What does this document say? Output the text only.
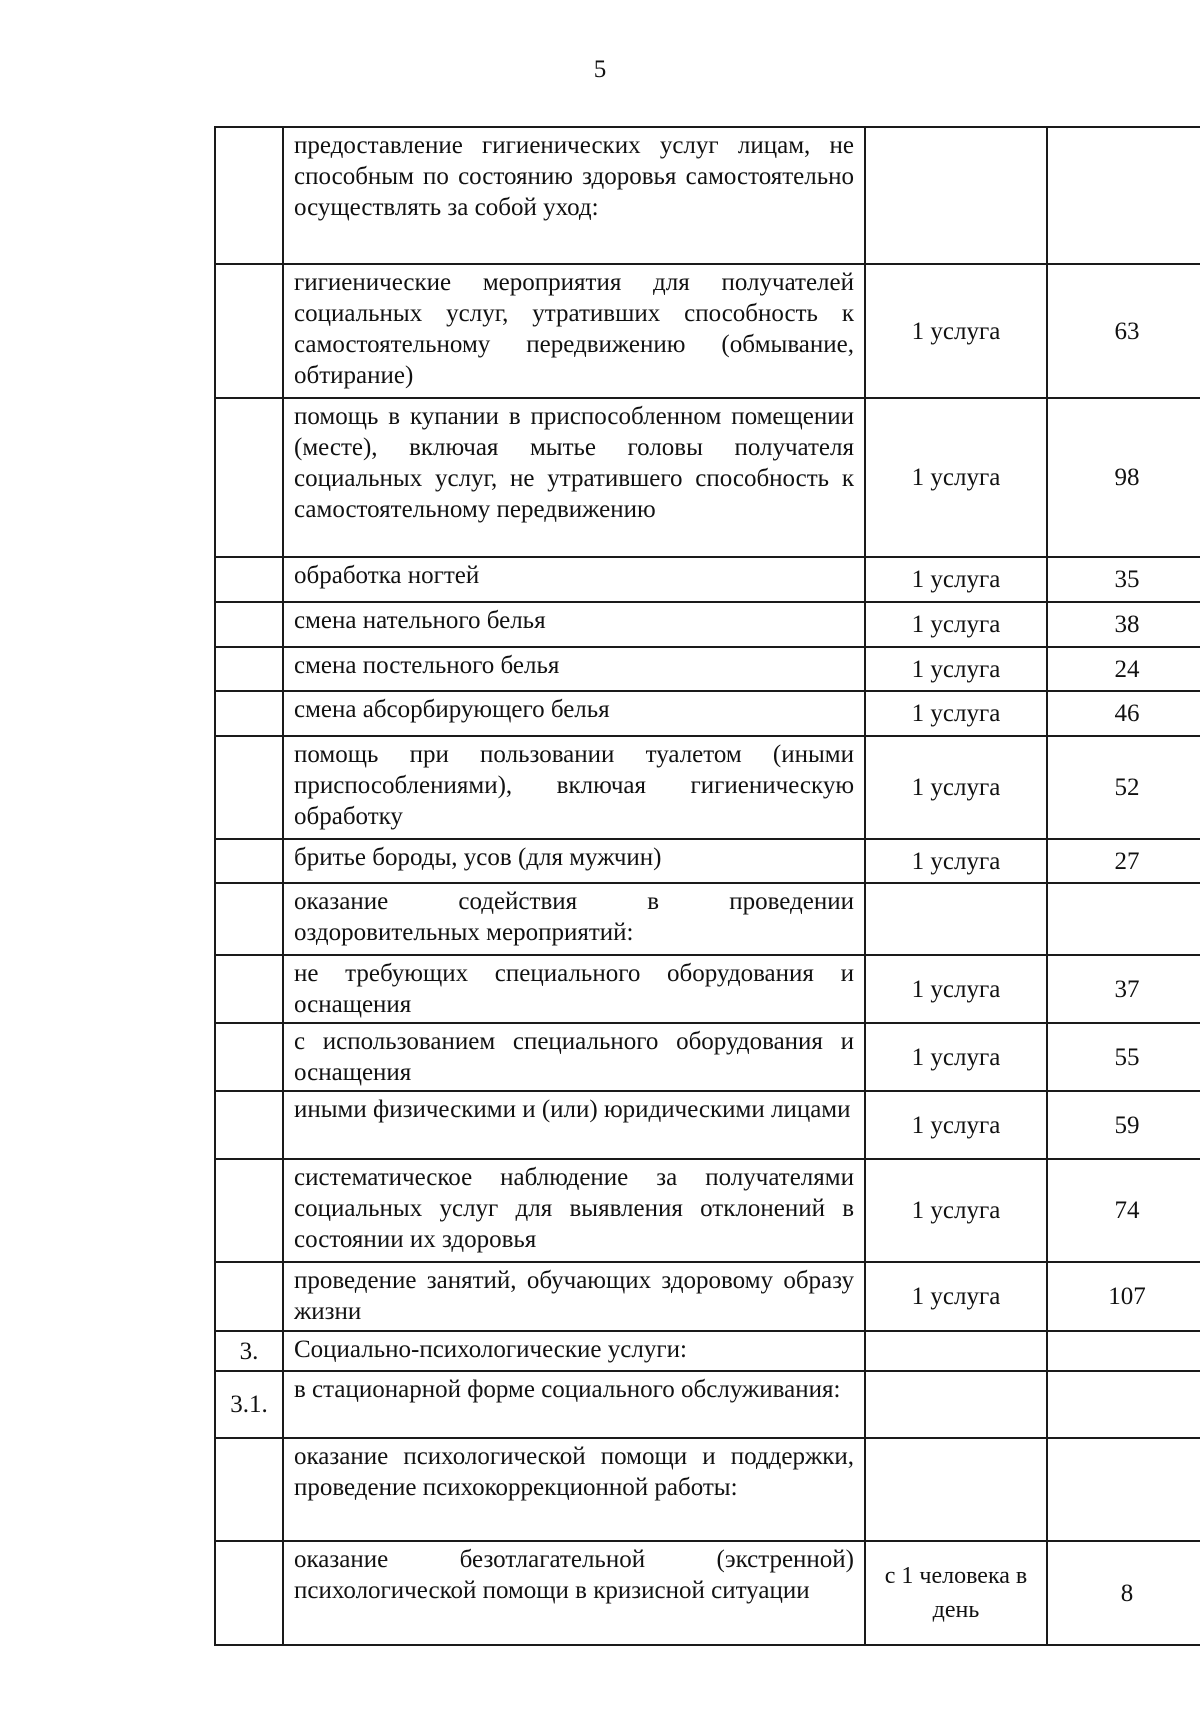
5
	предоставление гигиенических услуг лицам, не способным по состоянию здоровья самостоятельно осуществлять за собой уход:		
	гигиенические мероприятия для получателей социальных услуг, утративших способность к самостоятельному передвижению (обмывание, обтирание)	1 услуга	63
	помощь в купании в приспособленном помещении (месте), включая мытье головы получателя социальных услуг, не утратившего способность к самостоятельному передвижению	1 услуга	98
	обработка ногтей	1 услуга	35
	смена нательного белья	1 услуга	38
	смена постельного белья	1 услуга	24
	смена абсорбирующего белья	1 услуга	46
	помощь при пользовании туалетом (иными приспособлениями), включая гигиеническую обработку	1 услуга	52
	бритье бороды, усов (для мужчин)	1 услуга	27
	оказание содействия в проведении оздоровительных мероприятий:		
	не требующих специального оборудования и оснащения	1 услуга	37
	с использованием специального оборудования и оснащения	1 услуга	55
	иными физическими и (или) юридическими лицами	1 услуга	59
	систематическое наблюдение за получателями социальных услуг для выявления отклонений в состоянии их здоровья	1 услуга	74
	проведение занятий, обучающих здоровому образу жизни	1 услуга	107
3.	Социально-психологические услуги:		
3.1.	в стационарной форме социального обслуживания:		
	оказание психологической помощи и поддержки, проведение психокоррекционной работы:		
	оказание безотлагательной (экстренной) психологической помощи в кризисной ситуации	с 1 человека в день	8
